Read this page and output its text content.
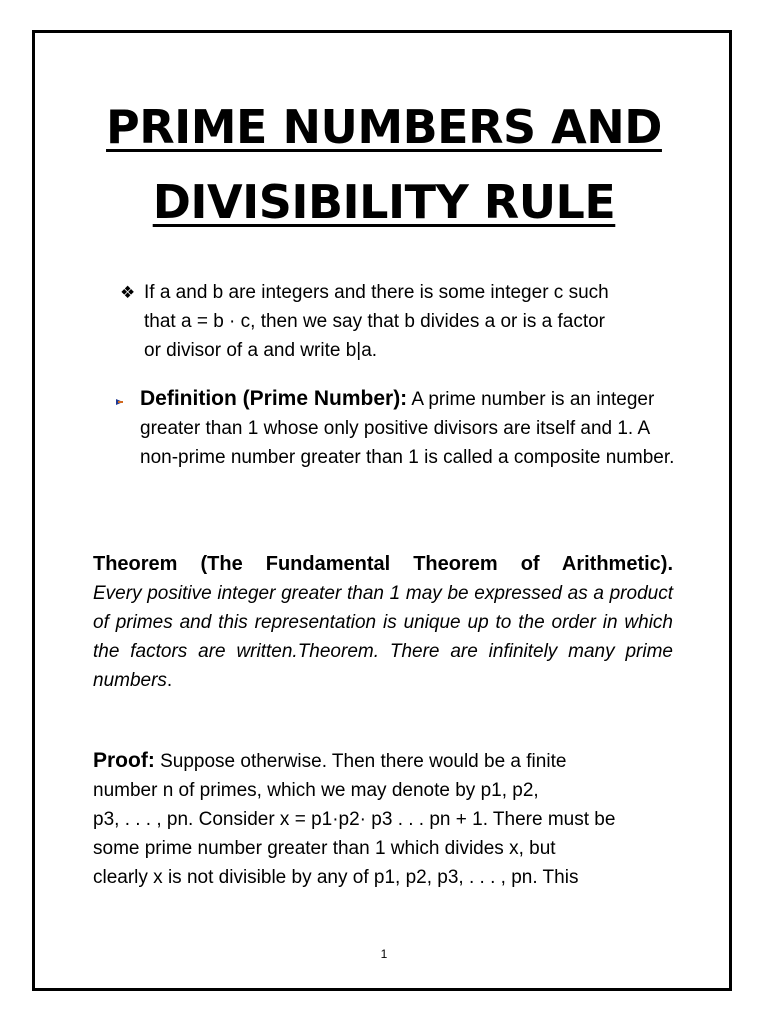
PRIME NUMBERS AND
DIVISIBILITY RULE
❖ If a and b are integers and there is some integer c such
that a = b · c, then we say that b divides a or is a factor
or divisor of a and write b|a.
Definition (Prime Number): A prime number is an integer greater than 1 whose only positive divisors are itself and 1. A non-prime number greater than 1 is called a composite number.
Theorem (The Fundamental Theorem of Arithmetic).
Every positive integer greater than 1 may be expressed as a product of primes and this representation is unique up to the order in which the factors are written.Theorem. There are infinitely many prime numbers.
Proof: Suppose otherwise. Then there would be a finite
number n of primes, which we may denote by p1, p2,
p3, . . . , pn. Consider x = p1·p2· p3 . . . pn + 1. There must be
some prime number greater than 1 which divides x, but
clearly x is not divisible by any of p1, p2, p3, . . . , pn. This
1
